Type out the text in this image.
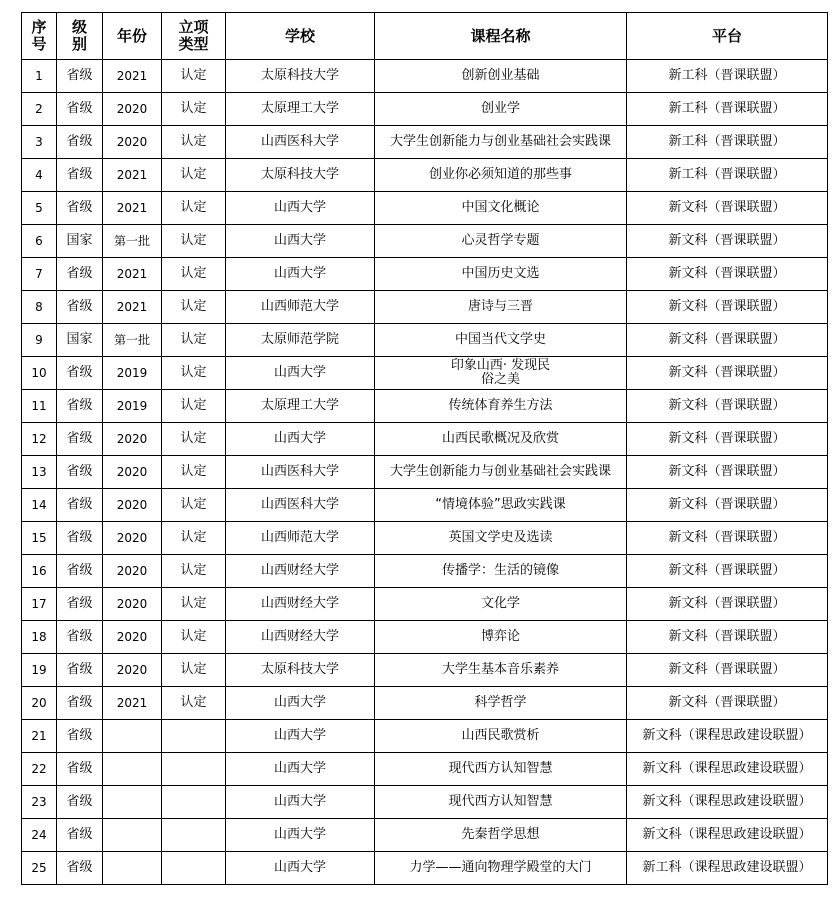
序号	级别	年份	立项类型	学校	课程名称	平台
1	省级	2021	认定	太原科技大学	创新创业基础	新工科（晋课联盟）
2	省级	2020	认定	太原理工大学	创业学	新工科（晋课联盟）
3	省级	2020	认定	山西医科大学	大学生创新能力与创业基础社会实践课	新工科（晋课联盟）
4	省级	2021	认定	太原科技大学	创业你必须知道的那些事	新工科（晋课联盟）
5	省级	2021	认定	山西大学	中国文化概论	新文科（晋课联盟）
6	国家	第一批	认定	山西大学	心灵哲学专题	新文科（晋课联盟）
7	省级	2021	认定	山西大学	中国历史文选	新文科（晋课联盟）
8	省级	2021	认定	山西师范大学	唐诗与三晋	新文科（晋课联盟）
9	国家	第一批	认定	太原师范学院	中国当代文学史	新文科（晋课联盟）
10	省级	2019	认定	山西大学	印象山西· 发现民俗之美	新文科（晋课联盟）
11	省级	2019	认定	太原理工大学	传统体育养生方法	新文科（晋课联盟）
12	省级	2020	认定	山西大学	山西民歌概况及欣赏	新文科（晋课联盟）
13	省级	2020	认定	山西医科大学	大学生创新能力与创业基础社会实践课	新文科（晋课联盟）
14	省级	2020	认定	山西医科大学	“情境体验”思政实践课	新文科（晋课联盟）
15	省级	2020	认定	山西师范大学	英国文学史及选读	新文科（晋课联盟）
16	省级	2020	认定	山西财经大学	传播学：生活的镜像	新文科（晋课联盟）
17	省级	2020	认定	山西财经大学	文化学	新文科（晋课联盟）
18	省级	2020	认定	山西财经大学	博弈论	新文科（晋课联盟）
19	省级	2020	认定	太原科技大学	大学生基本音乐素养	新文科（晋课联盟）
20	省级	2021	认定	山西大学	科学哲学	新文科（晋课联盟）
21	省级			山西大学	山西民歌赏析	新文科（课程思政建设联盟）
22	省级			山西大学	现代西方认知智慧	新文科（课程思政建设联盟）
23	省级			山西大学	现代西方认知智慧	新文科（课程思政建设联盟）
24	省级			山西大学	先秦哲学思想	新文科（课程思政建设联盟）
25	省级			山西大学	力学——通向物理学殿堂的大门	新工科（课程思政建设联盟）
